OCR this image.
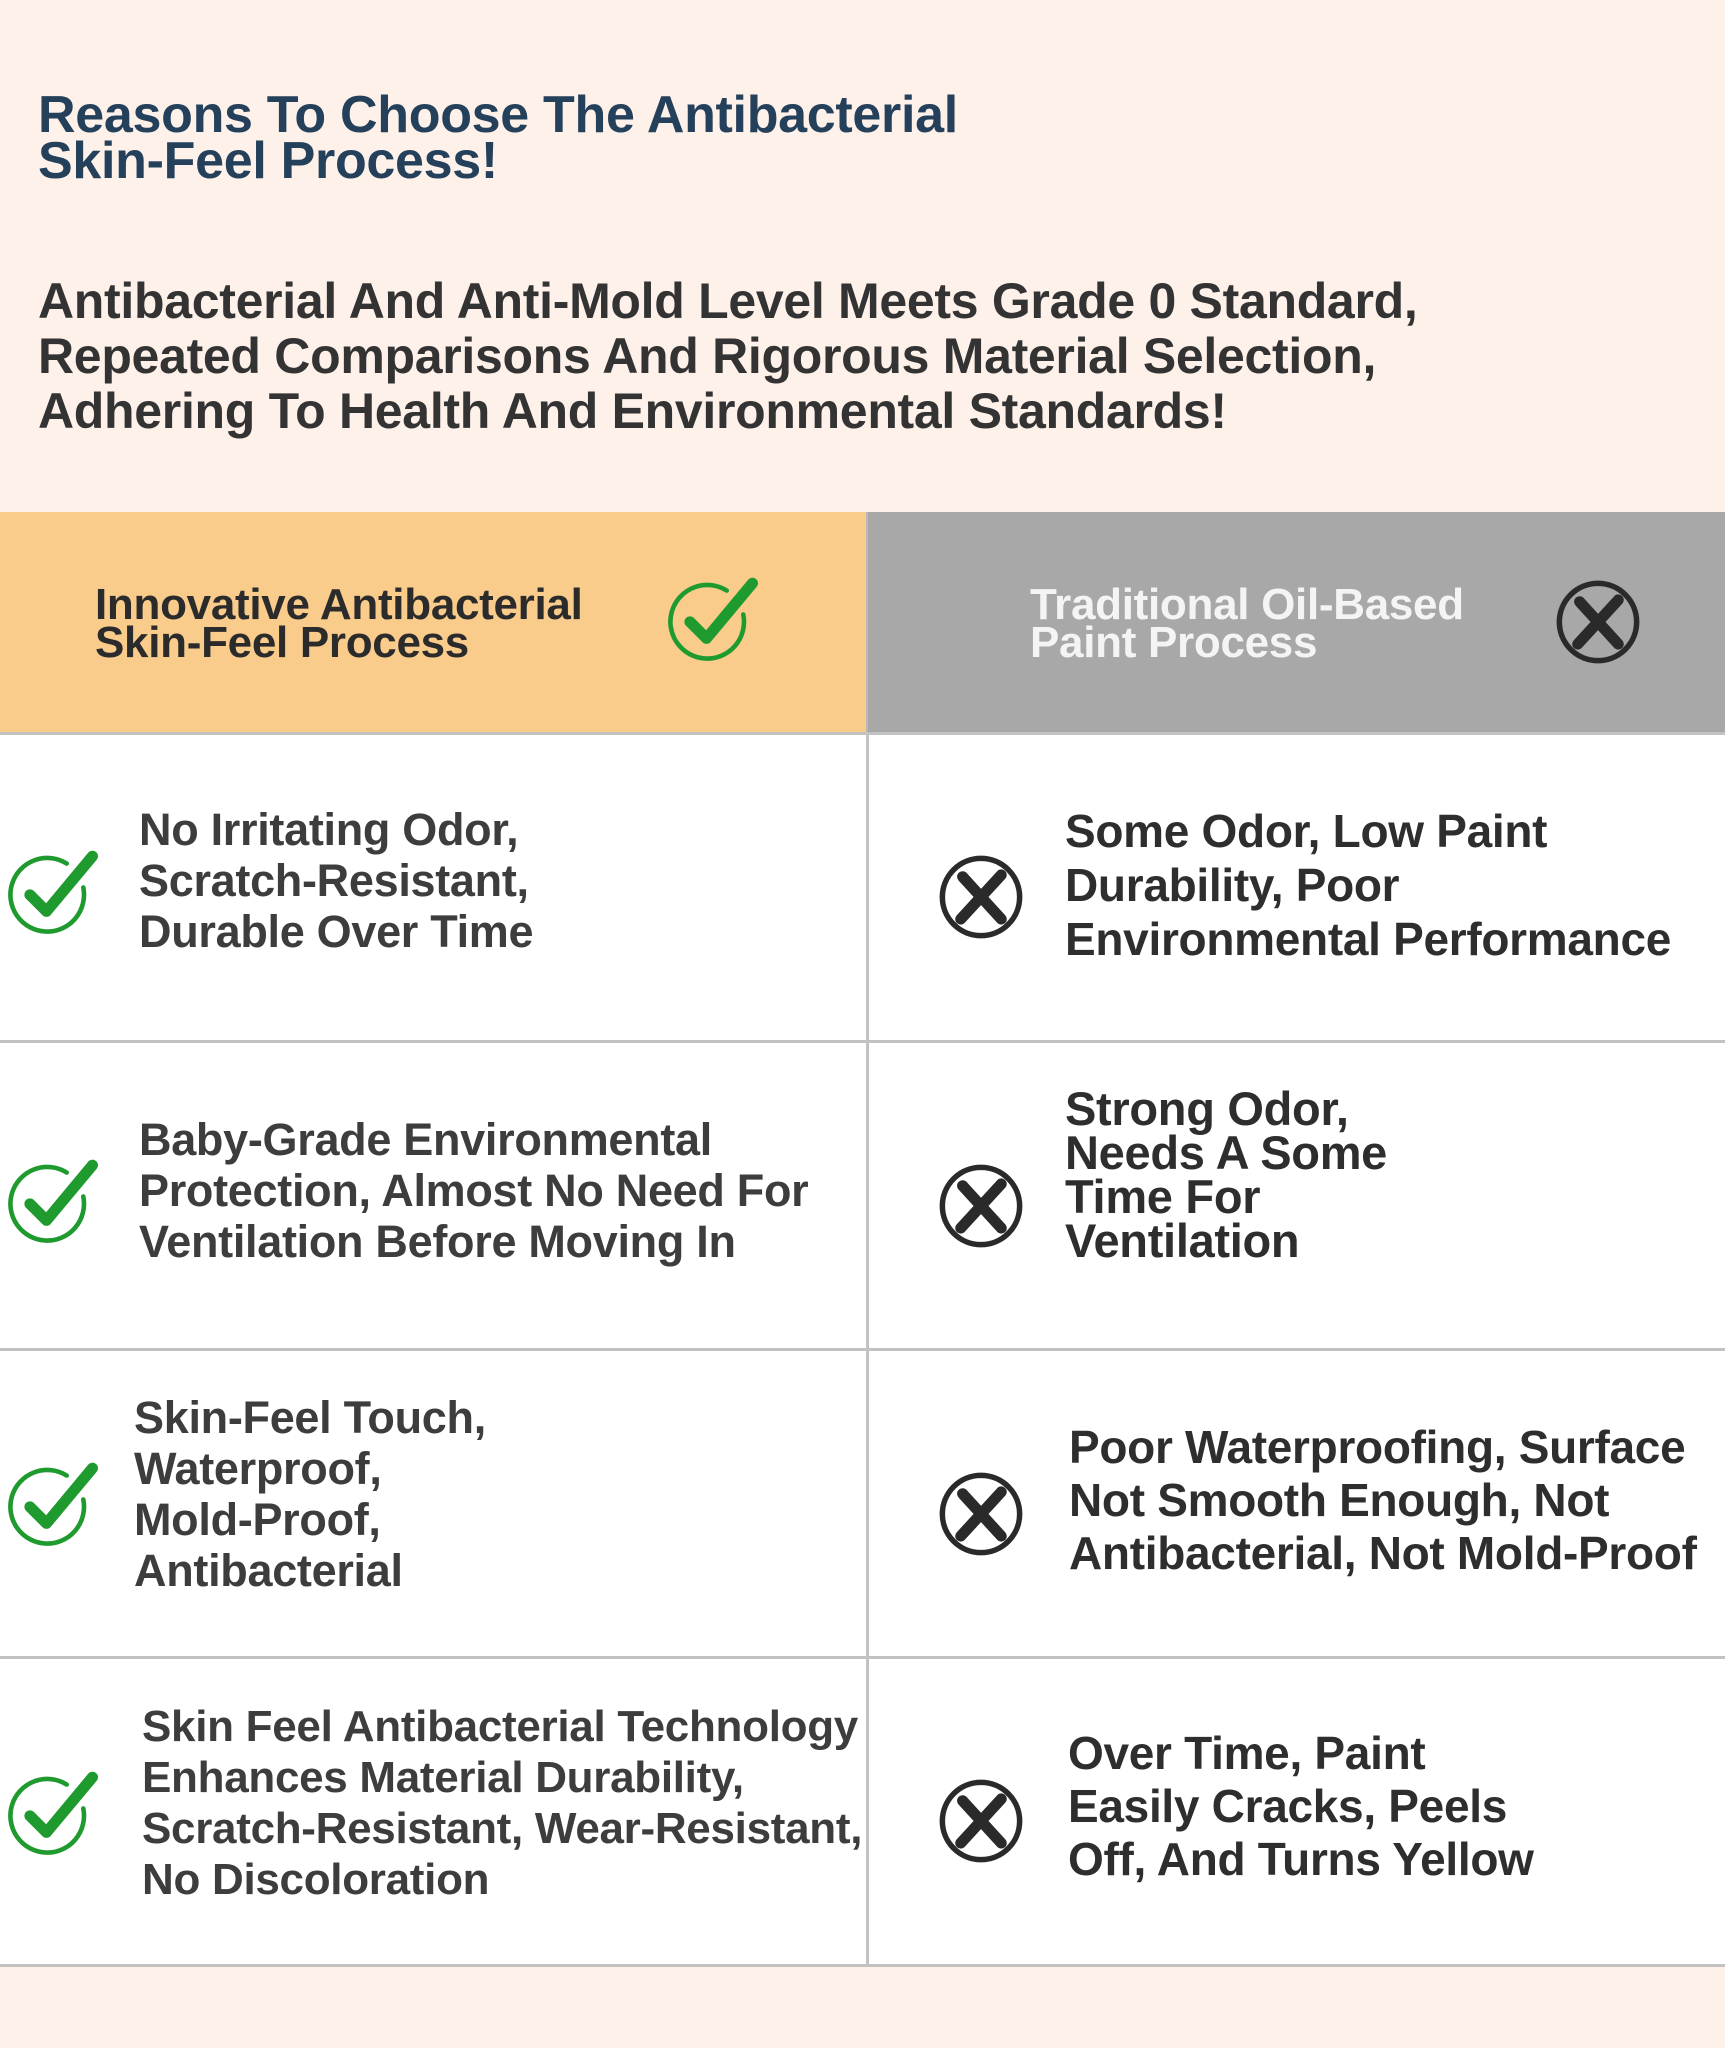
Reasons To Choose The Antibacterial
Skin-Feel Process!
Antibacterial And Anti-Mold Level Meets Grade 0 Standard,
Repeated Comparisons And Rigorous Material Selection,
Adhering To Health And Environmental Standards!
Innovative Antibacterial
Skin-Feel Process
Traditional Oil-Based
Paint Process
No Irritating Odor,
Scratch-Resistant,
Durable Over Time
Some Odor, Low Paint
Durability, Poor
Environmental Performance
Baby-Grade Environmental
Protection, Almost No Need For
Ventilation Before Moving In
Strong Odor,
Needs A Some
Time For
Ventilation
Skin-Feel Touch,
Waterproof,
Mold-Proof,
Antibacterial
Poor Waterproofing, Surface
Not Smooth Enough, Not
Antibacterial, Not Mold-Proof
Skin Feel Antibacterial Technology
Enhances Material Durability,
Scratch-Resistant, Wear-Resistant,
No Discoloration
Over Time, Paint
Easily Cracks, Peels
Off, And Turns Yellow
